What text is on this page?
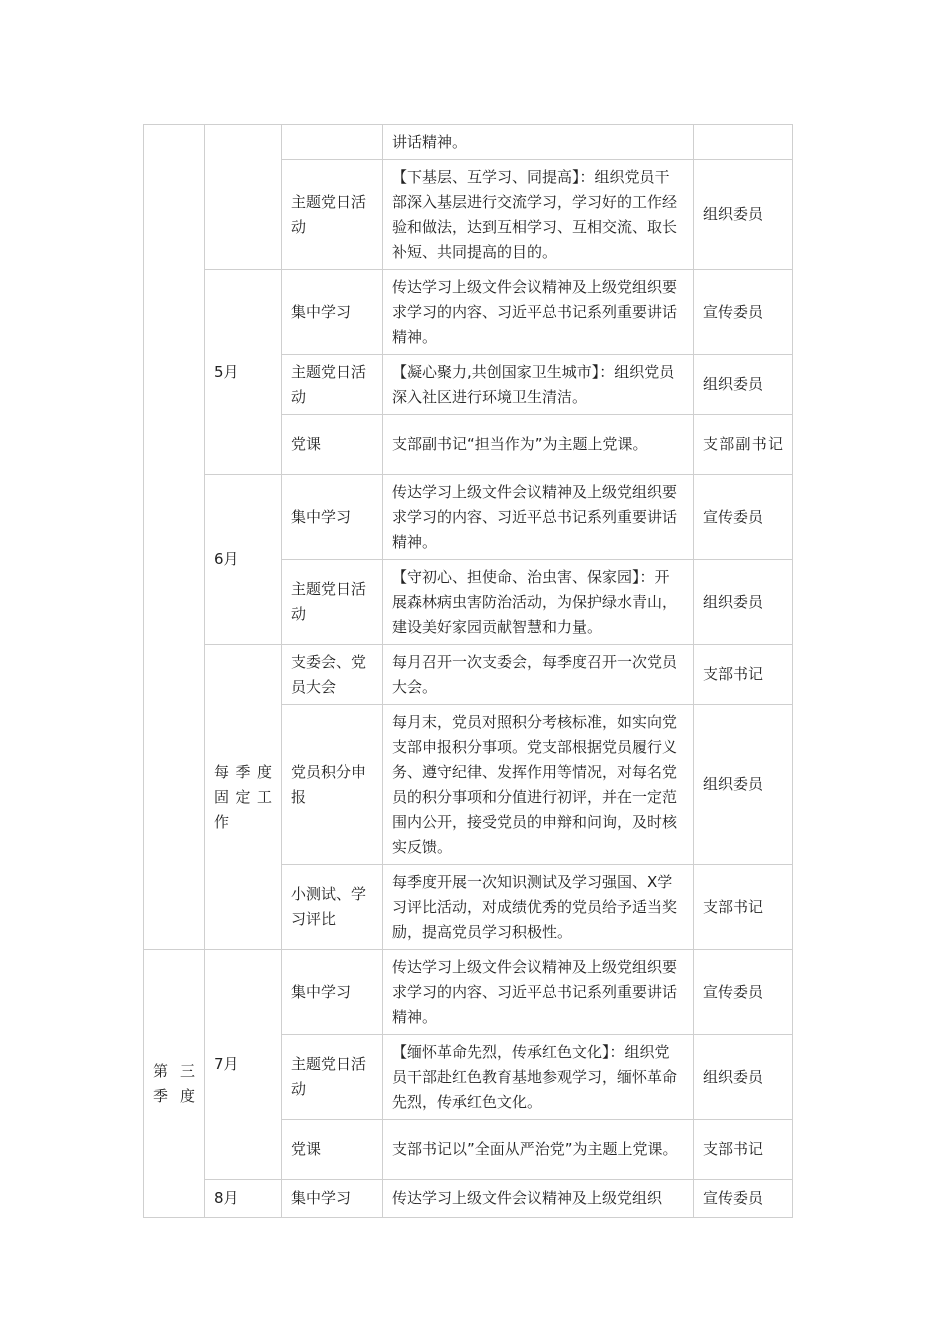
			讲话精神。	
		主题党日活动	【下基层、互学习、同提高】：组织党员干部深入基层进行交流学习，学习好的工作经验和做法，达到互相学习、互相交流、取长补短、共同提高的目的。	组织委员
	5月	集中学习	传达学习上级文件会议精神及上级党组织要求学习的内容、习近平总书记系列重要讲话精神。	宣传委员
		主题党日活动	【凝心聚力,共创国家卫生城市】：组织党员深入社区进行环境卫生清洁。	组织委员
		党课	支部副书记“担当作为”为主题上党课。	支部副书记
	6月	集中学习	传达学习上级文件会议精神及上级党组织要求学习的内容、习近平总书记系列重要讲话精神。	宣传委员
		主题党日活动	【守初心、担使命、治虫害、保家园】：开展森林病虫害防治活动，为保护绿水青山，建设美好家园贡献智慧和力量。	组织委员
	每季度固定工作	支委会、党员大会	每月召开一次支委会，每季度召开一次党员大会。	支部书记
		党员积分申报	每月末，党员对照积分考核标准，如实向党支部申报积分事项。党支部根据党员履行义务、遵守纪律、发挥作用等情况，对每名党员的积分事项和分值进行初评，并在一定范围内公开，接受党员的申辩和问询，及时核实反馈。	组织委员
		小测试、学习评比	每季度开展一次知识测试及学习强国、X学习评比活动，对成绩优秀的党员给予适当奖励，提高党员学习积极性。	支部书记
第三季度	7月	集中学习	传达学习上级文件会议精神及上级党组织要求学习的内容、习近平总书记系列重要讲话精神。	宣传委员
		主题党日活动	【缅怀革命先烈，传承红色文化】：组织党员干部赴红色教育基地参观学习，缅怀革命先烈，传承红色文化。	组织委员
		党课	支部书记以”全面从严治党”为主题上党课。	支部书记
	8月	集中学习	传达学习上级文件会议精神及上级党组织	宣传委员
